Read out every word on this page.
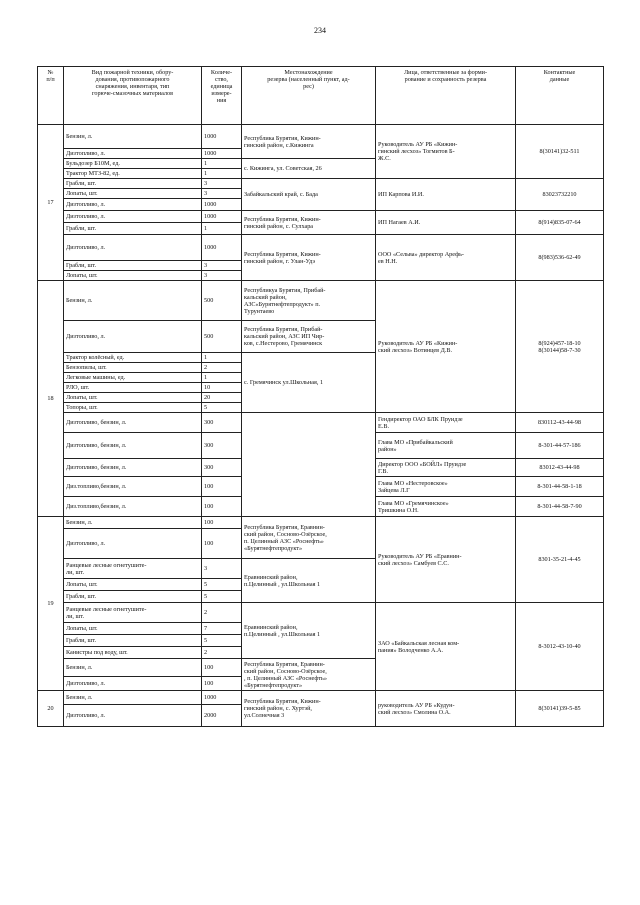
234
№
п/п	Вид пожарной техники, обору-
дования, противопожарного
снаряжения, инвентаря, тип
горюче-смазочных материалов	Количе-
ство,
единица
измере-
ния	Местонахождение
резерва (населенный пункт, ад-
рес)	Лица, ответственные за форми-
рование и сохранность резерва	Контактные
данные
17	Бензин, л.	1000	Республика Бурятия, Кижин-
гинский район, с.Кижинга	Руководитель АУ РБ «Кижин-
гинский лесхоз» Тогмитов Б-
Ж.С.	8(30141)32-511
	Дизтопливо, л.	1000			
	Бульдозер Б10М, ед.	1	с. Кижинга, ул. Советская, 26		
	Трактор МТЗ-82, ед.	1			
	Грабли, шт.	3	Забайкальский край, с. Бада	ИП Карпова И.И.	83023732210
	Лопаты, шт.	3			
	Дизтопливо, л.	1000			
	Дизтопливо, л.	1000	Республика Бурятия, Кижин-
гинский район, с. Сулхара	ИП Нагаев А.И.	8(914)835-07-64
	Грабли, шт.	1			
	Дизтопливо, л.	1000	Республика Бурятия, Кижин-
гинский район, г. Улан-Удэ	ООО «Сельва» директор Арефь-
ев Н.Н.	8(983)536-62-49
	Грабли, шт.	3			
	Лопаты, шт.	3			
18	Бензин, л.	500	Республикуа Бурятия, Прибай-
кальский район,
АЗС«Бурятнефтепродукт» п.
Турунтаево	Руководитель АУ РБ «Кижин-
ский лесхоз» Вотинцев Д.В.	8(924)457-18-10
8(30144)58-7-30
	Дизтопливо, л.	500	Республика Бурятия, Прибай-
кальский район, АЗС ИП Чир-
ков, с.Нестерово, Гремячинск		
	Трактор колёсный, ед.	1	с. Гремячинск ул.Школьная, 1		
	Бензопилы, шт.	2			
	Легковые машины, ед.	1			
	РЛО, шт.	10			
	Лопаты, шт.	20			
	Топоры, шт.	5			
	Дизтопливо, бензин, л.	300		Гендиректор ОАО БЛК Пруидзе
Е.В.	830112-43-44-98
	Дизтопливо, бензин, л.	300		Глава МО «Прибайкальский
район»	8-301-44-57-186
	Дизтопливо, бензин, л.	300		Директор ООО «БОЙЛ» Пруидзе
Г.В.	83012-43-44-98
	Диз.топливо,бензин, л.	100		Глава МО «Нестеровское»
Зайцева Л.Г	8-301-44-58-1-18
	Диз.топливо,бензин, л.	100		Глава МО «Гремячинское»
Тришкина О.Н.	8-301-44-58-7-90
19	Бензин, л.	100	Республика Бурятия, Еравнин-
ский район, Сосново-Озёрское,
п. Целинный АЗС «Роснефть»
«Бурятнефтепродукт»	Руководитель АУ РБ «Еравнин-
ский лесхоз» Самбуев С.С.	8301-35-21-4-45
	Дизтопливо, л.	100			
	Ранцевые лесные огнетушите-
ли, шт.	3	Еравнинский район,
п.Целинный , ул.Школьная 1		
	Лопаты, шт.	5			
	Грабли, шт.	5			
	Ранцевые лесные огнетушите-
ли, шт.	2	Еравнинский район,
п.Целинный , ул.Школьная 1	ЗАО «Байкальская лесная ком-
пания» Володченко А.А.	8-3012-43-10-40
	Лопаты, шт.	7			
	Грабли, шт.	5			
	Канистры под воду, шт.	2			
	Бензин, л.	100	Республика Бурятия, Еравнин-
ский район, Сосново-Озёрское,
, п. Целинный АЗС «Роснефть»
«Бурятнефтепродукт»		
	Дизтопливо, л.	100			
20	Бензин, л.	1000	Республика Бурятия, Кижин-
гинский район, с. Хуртэй,
ул.Солнечная 3	руководитель АУ РБ «Кудун-
ский лесхоз» Смолина О.А.	8(30141)39-5-85
	Дизтопливо, л.	2000			
